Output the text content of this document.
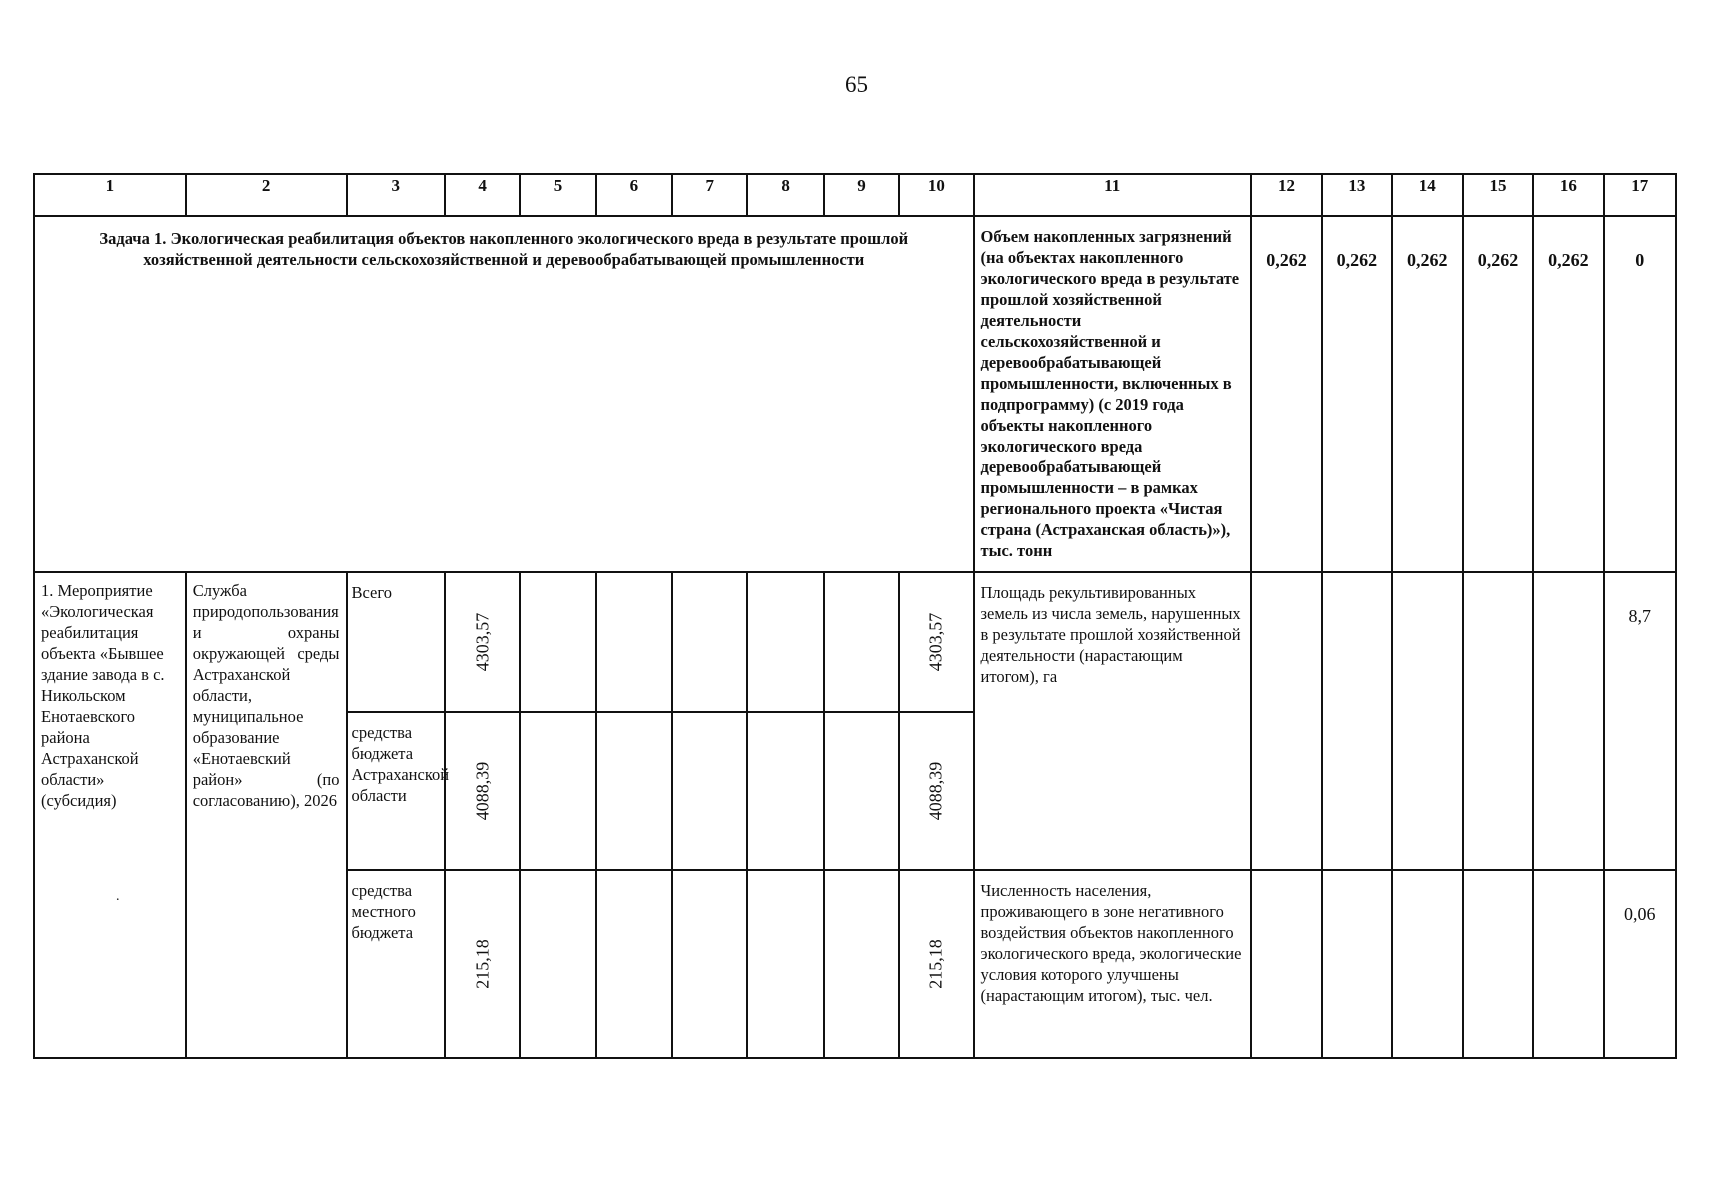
65
1	2	3	4	5	6	7	8	9	10	11	12	13	14	15	16	17
Задача 1. Экологическая реабилитация объектов накопленного экологического вреда в результате прошлой хозяйственной деятельности сельскохозяйственной и деревообрабатывающей промышленности										Объем накопленных загрязнений (на объектах накопленного экологического вреда в результате прошлой хозяйственной деятельности сельскохозяйственной и деревообрабатывающей промышленности, включенных в подпрограмму) (с 2019 года объекты накопленного экологического вреда деревообрабатывающей промышленности – в рамках регионального проекта «Чистая страна (Астраханская область)»), тыс. тонн	0,262	0,262	0,262	0,262	0,262	0
1. Мероприятие «Экологическая реабилитация объекта «Бывшее здание завода в с. Никольском Енотаевского района Астраханской области» (субсидия)	Служба природопользования и охраны окружающей среды Астраханской области, муниципальное образование «Енотаевский район» (по согласованию), 2026	Всего	4303,57						4303,57	Площадь рекультивированных земель из числа земель, нарушенных в результате прошлой хозяйственной деятельности (нарастающим итогом), га						8,7
		средства бюджета Астраханской области	4088,39						4088,39							

		средства местного бюджета	215,18						215,18	Численность населения, проживающего в зоне негативного воздействия объектов накопленного экологического вреда, экологические условия которого улучшены (нарастающим итогом), тыс. чел.						0,06
.
